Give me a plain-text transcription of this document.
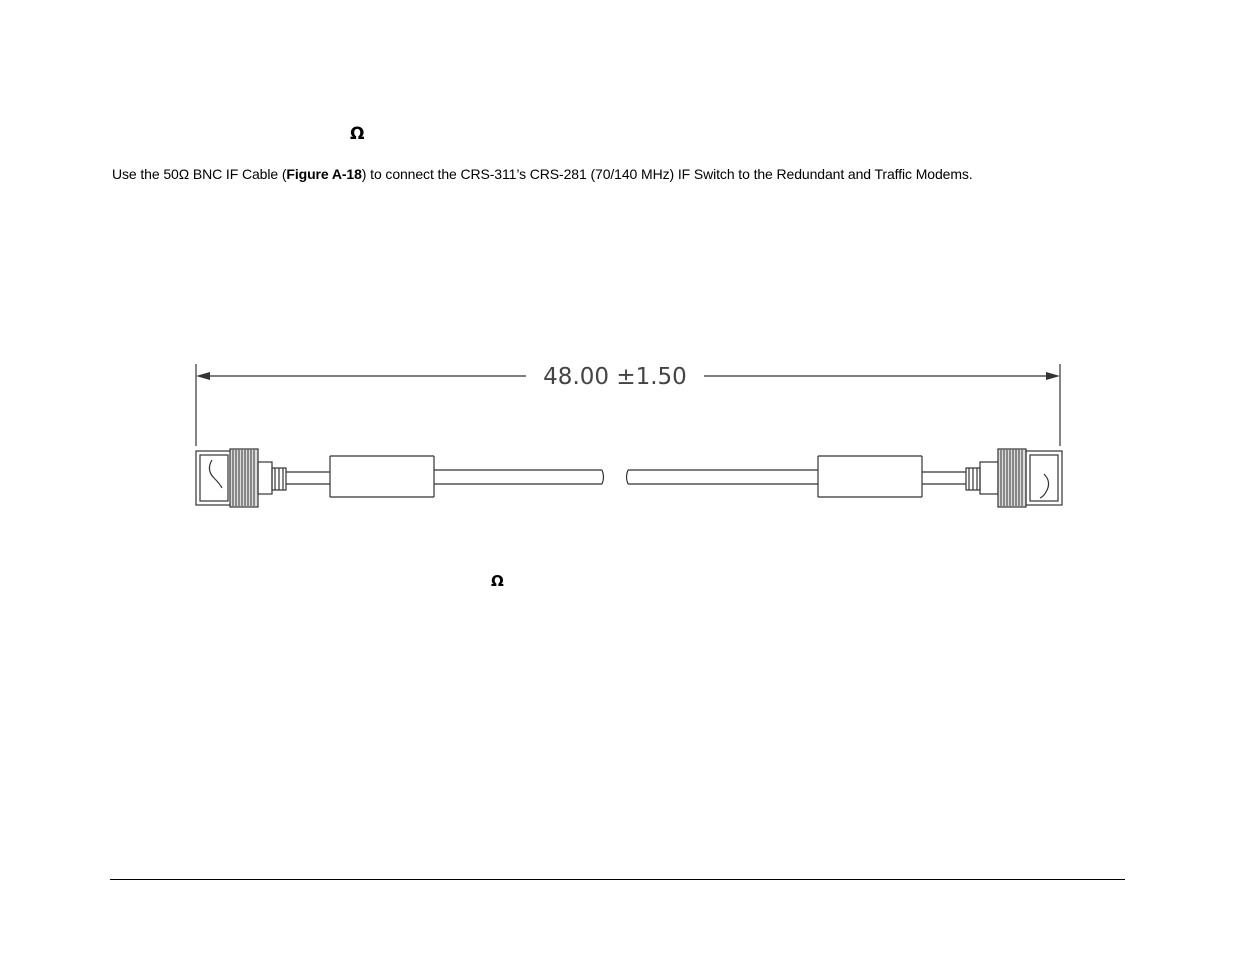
Ω

Use the 50Ω BNC IF Cable (Figure A-18) to connect the CRS-311’s CRS-281 (70/140 MHz) IF Switch to the Redundant and Traffic Modems.

48.00 ±1.50
Ω
